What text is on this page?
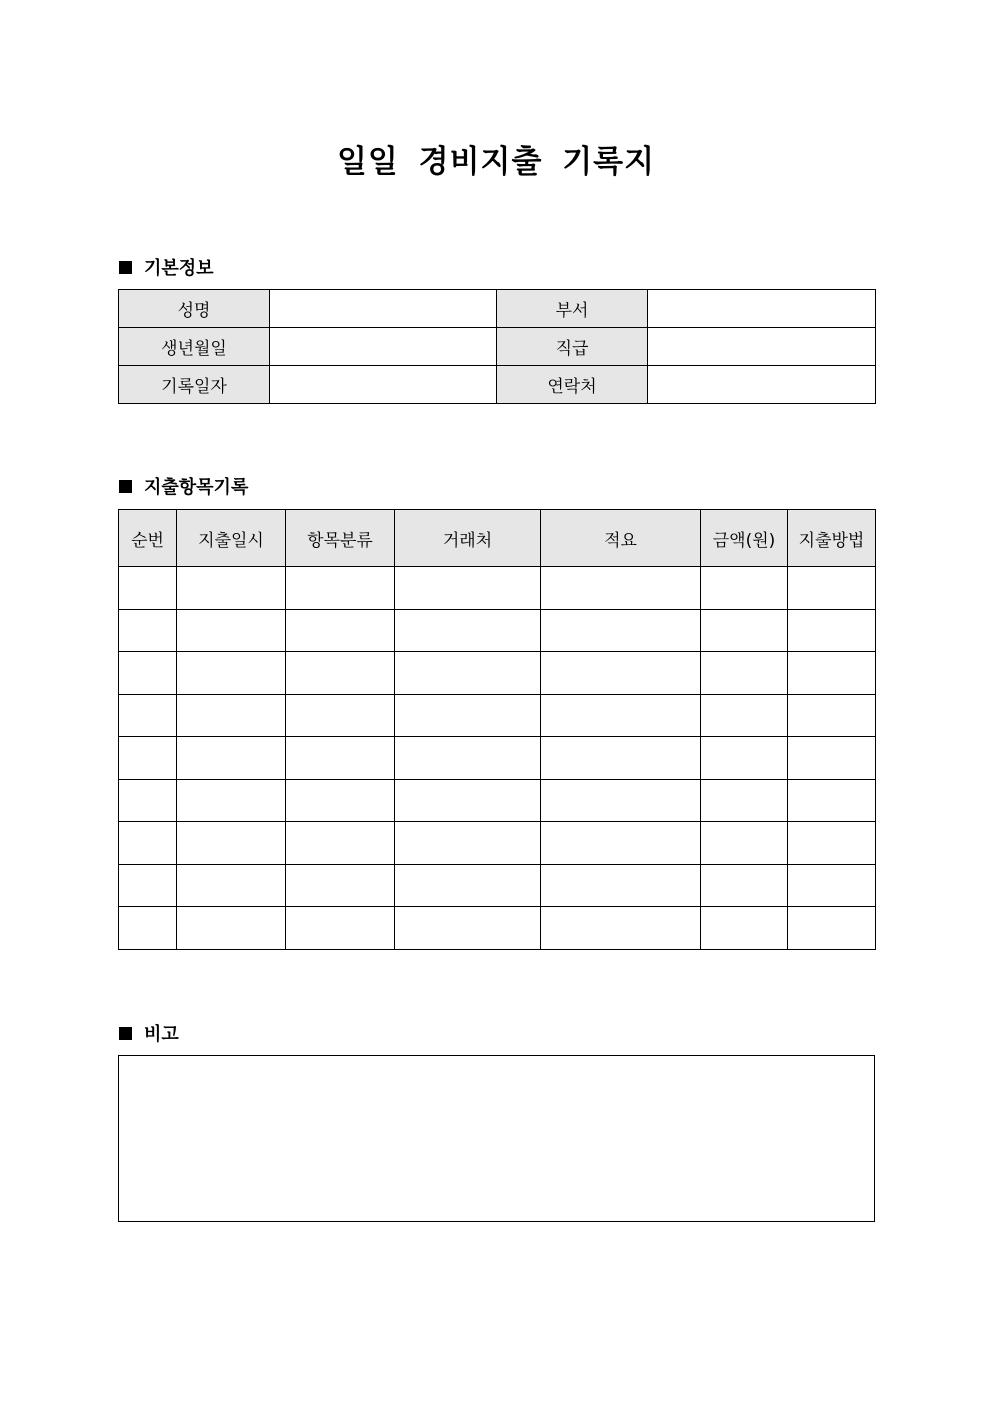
일일 경비지출 기록지
기본정보
성명		부서	
생년월일		직급	
기록일자		연락처	
지출항목기록
순번	지출일시	항목분류	거래처	적요	금액(원)	지출방법

비고
